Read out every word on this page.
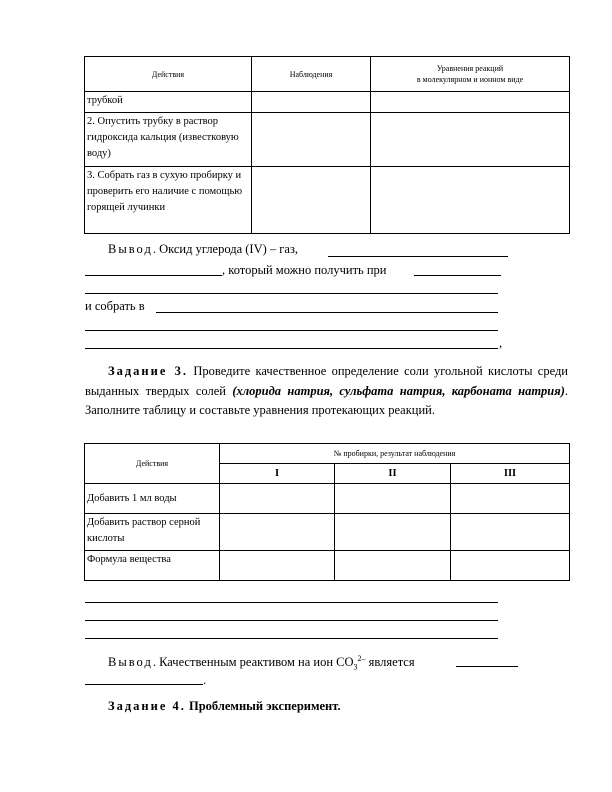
Действия	Наблюдения	Уравнения реакций
в молекулярном и ионном виде

трубкой		
2. Опустить трубку в раствор гидроксида кальция (известковую воду)		
3. Собрать газ в сухую пробирку и проверить его наличие с помощью горящей лучинки		
Вывод. Оксид углерода (IV) – газ,
, который можно получить при
и собрать в
,
Задание 3. Проведите качественное определение соли угольной кислоты среди выданных твердых солей (хлорида натрия, сульфата натрия, карбоната натрия). Заполните таблицу и составьте уравнения протекающих реакций.
Действия	№ пробирки, результат наблюдения		
	I	II	III
Добавить 1 мл воды			
Добавить раствор серной кислоты			
Формула вещества			
Вывод. Качественным реактивом на ион $CO_3^{2-}$ является
.
Задание 4. Проблемный эксперимент.
